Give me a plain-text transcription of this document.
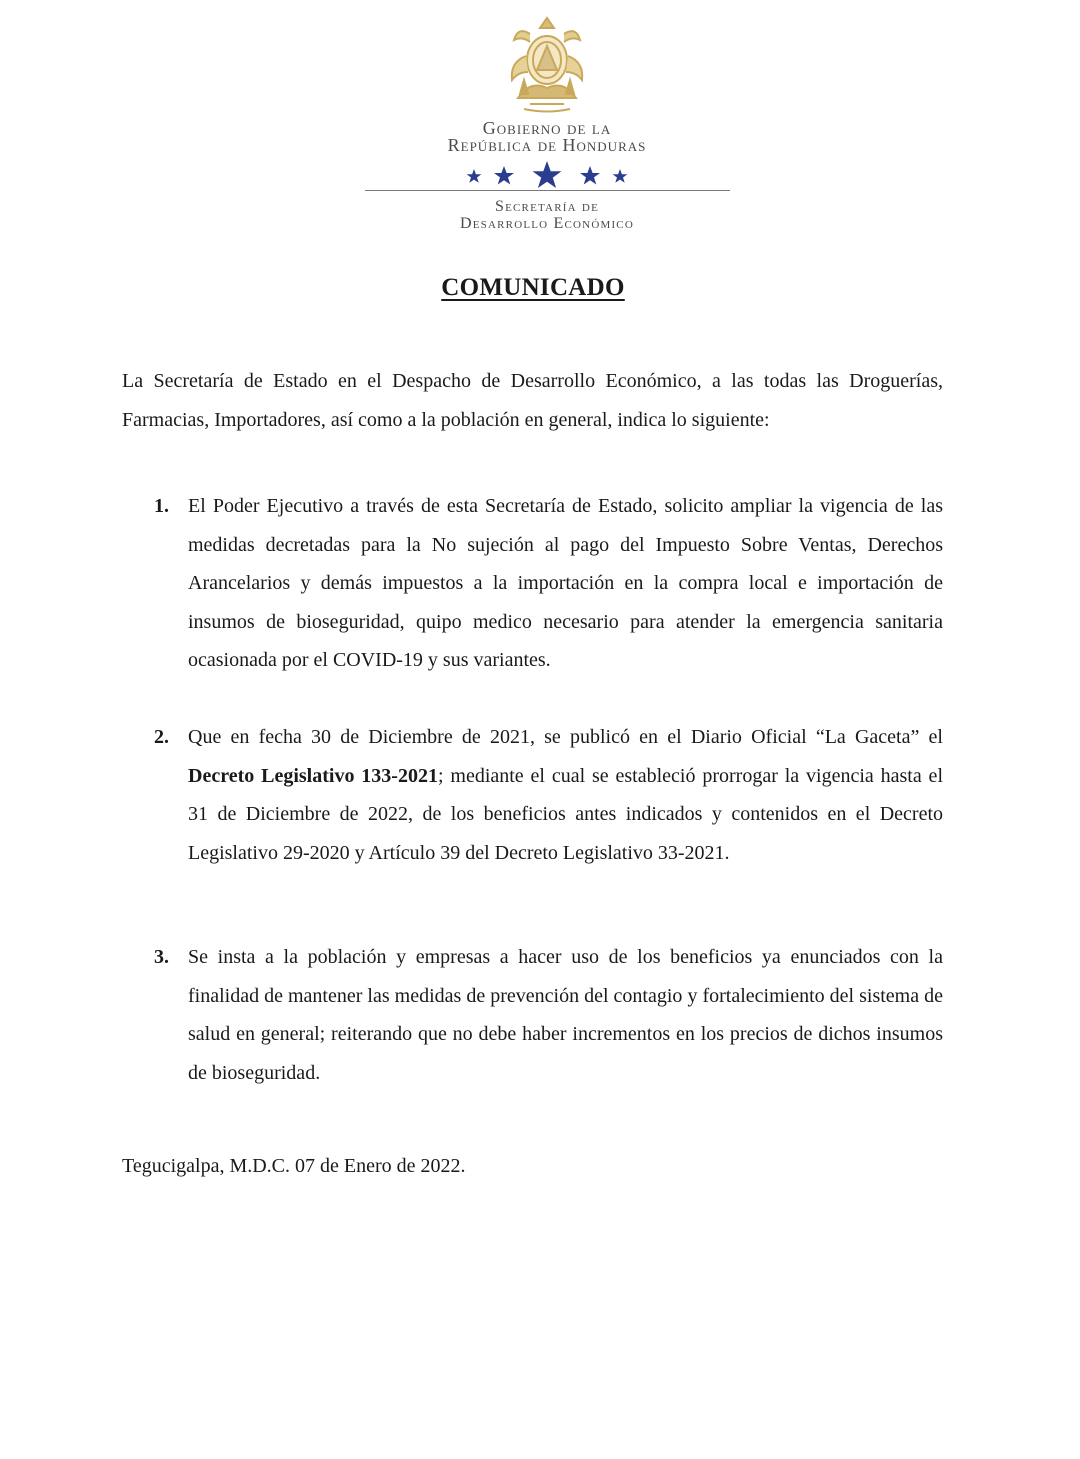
Gobierno de la
República de Honduras
Secretaría de
Desarrollo Económico
COMUNICADO

La Secretaría de Estado en el Despacho de Desarrollo Económico, a las todas las Droguerías, Farmacias, Importadores, así como a la población en general, indica lo siguiente:

1. El Poder Ejecutivo a través de esta Secretaría de Estado, solicito ampliar la vigencia de las medidas decretadas para la No sujeción al pago del Impuesto Sobre Ventas, Derechos Arancelarios y demás impuestos a la importación en la compra local e importación de insumos de bioseguridad, quipo medico necesario para atender la emergencia sanitaria ocasionada por el COVID-19 y sus variantes.

2. Que en fecha 30 de Diciembre de 2021, se publicó en el Diario Oficial “La Gaceta” el Decreto Legislativo 133-2021; mediante el cual se estableció prorrogar la vigencia hasta el 31 de Diciembre de 2022, de los beneficios antes indicados y contenidos en el Decreto Legislativo 29-2020 y Artículo 39 del Decreto Legislativo 33-2021.

3. Se insta a la población y empresas a hacer uso de los beneficios ya enunciados con la finalidad de mantener las medidas de prevención del contagio y fortalecimiento del sistema de salud en general; reiterando que no debe haber incrementos en los precios de dichos insumos de bioseguridad.

Tegucigalpa, M.D.C. 07 de Enero de 2022.
